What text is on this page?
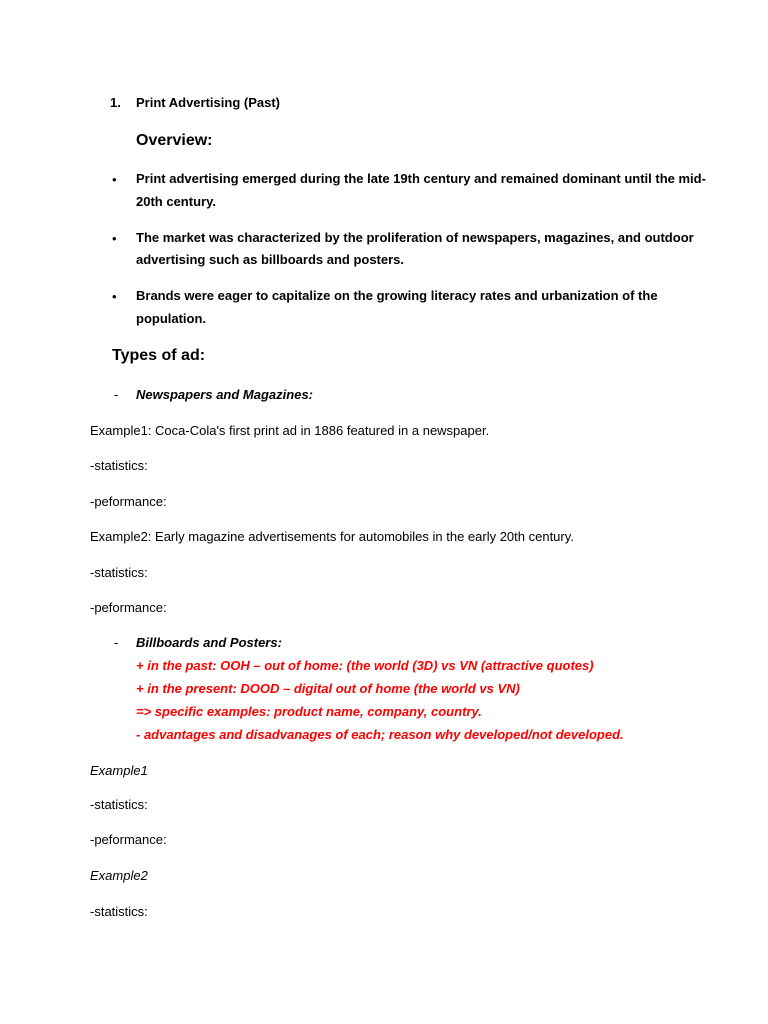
1. Print Advertising (Past)
Overview:
• Print advertising emerged during the late 19th century and remained dominant until the mid-
20th century.
• The market was characterized by the proliferation of newspapers, magazines, and outdoor
advertising such as billboards and posters.
• Brands were eager to capitalize on the growing literacy rates and urbanization of the
population.
Types of ad:
- Newspapers and Magazines:
Example1: Coca-Cola's first print ad in 1886 featured in a newspaper.
-statistics:
-peformance:
Example2: Early magazine advertisements for automobiles in the early 20th century.
-statistics:
-peformance:
- Billboards and Posters:
+ in the past: OOH – out of home: (the world (3D) vs VN (attractive quotes)
+ in the present: DOOD – digital out of home (the world vs VN)
=> specific examples: product name, company, country.
- advantages and disadvanages of each; reason why developed/not developed.
Example1
-statistics:
-peformance:
Example2
-statistics:
